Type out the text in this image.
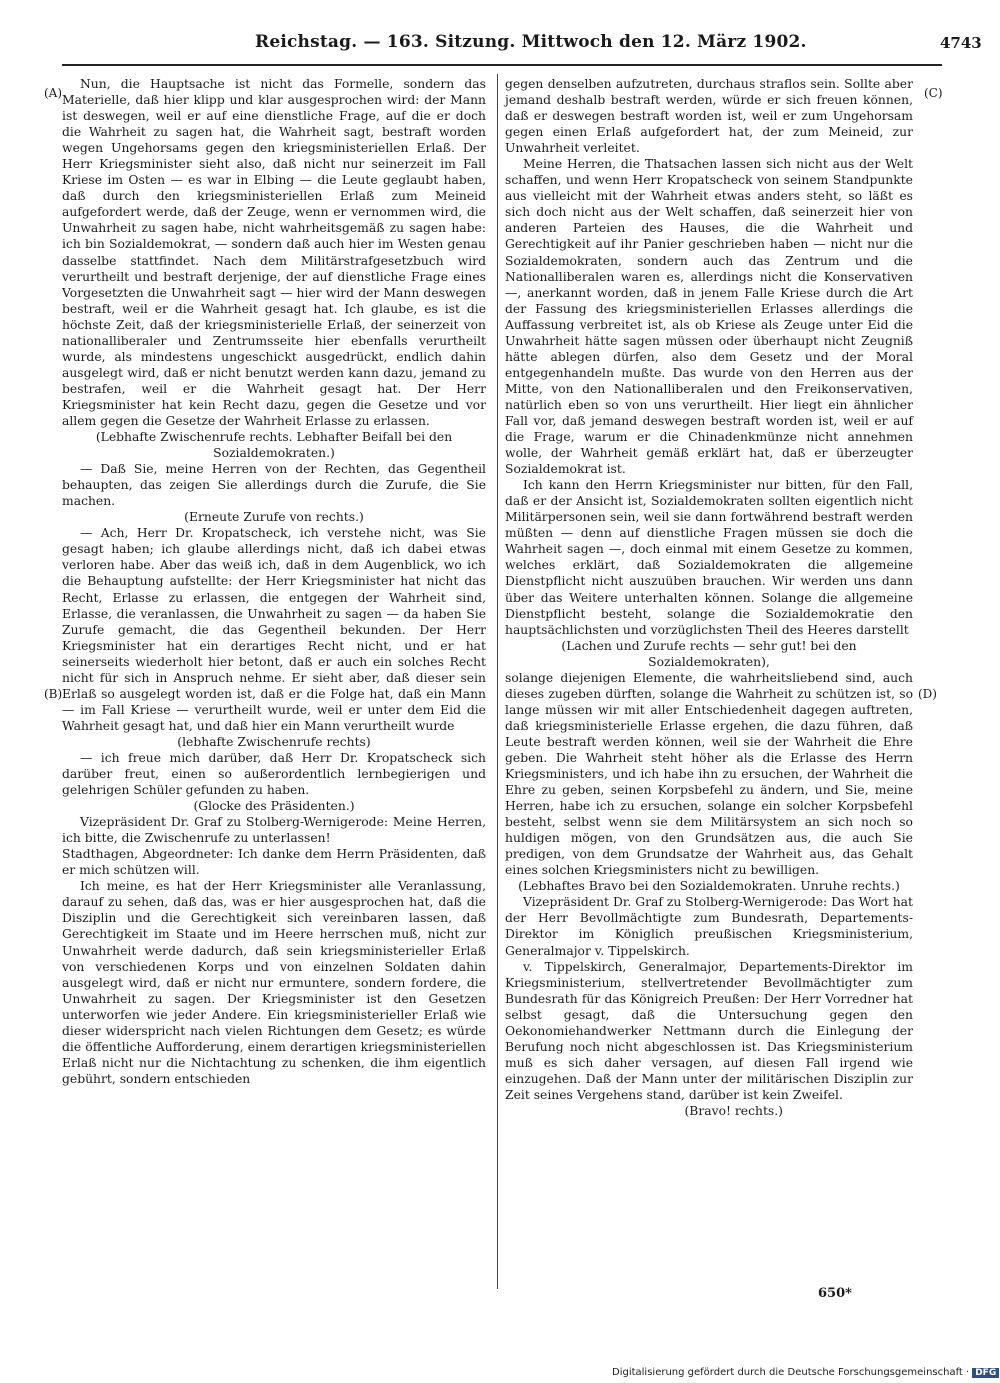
Reichstag. — 163. Sitzung. Mittwoch den 12. März 1902.	4743
(A)
(B)
(C)
(D)

Nun, die Hauptsache ist nicht das Formelle, sondern das Materielle, daß hier klipp und klar ausgesprochen wird: der Mann ist deswegen, weil er auf eine dienstliche Frage, auf die er doch die Wahrheit zu sagen hat, die Wahrheit sagt, bestraft worden wegen Ungehorsams gegen den kriegsministeriellen Erlaß. Der Herr Kriegsminister sieht also, daß nicht nur seinerzeit im Fall Kriese im Osten — es war in Elbing — die Leute geglaubt haben, daß durch den kriegsministeriellen Erlaß zum Meineid aufgefordert werde, daß der Zeuge, wenn er vernommen wird, die Unwahrheit zu sagen habe, nicht wahrheitsgemäß zu sagen habe: ich bin Sozialdemokrat, — sondern daß auch hier im Westen genau dasselbe stattfindet. Nach dem Militärstrafgesetzbuch wird verurtheilt und bestraft derjenige, der auf dienstliche Frage eines Vorgesetzten die Unwahrheit sagt — hier wird der Mann deswegen bestraft, weil er die Wahrheit gesagt hat. Ich glaube, es ist die höchste Zeit, daß der kriegsministerielle Erlaß, der seinerzeit von nationalliberaler und Zentrumsseite hier ebenfalls verurtheilt wurde, als mindestens ungeschickt ausgedrückt, endlich dahin ausgelegt wird, daß er nicht benutzt werden kann dazu, jemand zu bestrafen, weil er die Wahrheit gesagt hat. Der Herr Kriegsminister hat kein Recht dazu, gegen die Gesetze und vor allem gegen die Gesetze der Wahrheit Erlasse zu erlassen.

(Lebhafte Zwischenrufe rechts. Lebhafter Beifall bei den Sozialdemokraten.)

— Daß Sie, meine Herren von der Rechten, das Gegentheil behaupten, das zeigen Sie allerdings durch die Zurufe, die Sie machen.

(Erneute Zurufe von rechts.)

— Ach, Herr Dr. Kropatscheck, ich verstehe nicht, was Sie gesagt haben; ich glaube allerdings nicht, daß ich dabei etwas verloren habe. Aber das weiß ich, daß in dem Augenblick, wo ich die Behauptung aufstellte: der Herr Kriegsminister hat nicht das Recht, Erlasse zu erlassen, die entgegen der Wahrheit sind, Erlasse, die veranlassen, die Unwahrheit zu sagen — da haben Sie Zurufe gemacht, die das Gegentheil bekunden. Der Herr Kriegsminister hat ein derartiges Recht nicht, und er hat seinerseits wiederholt hier betont, daß er auch ein solches Recht nicht für sich in Anspruch nehme. Er sieht aber, daß dieser sein Erlaß so ausgelegt worden ist, daß er die Folge hat, daß ein Mann — im Fall Kriese — verurtheilt wurde, weil er unter dem Eid die Wahrheit gesagt hat, und daß hier ein Mann verurtheilt wurde

(lebhafte Zwischenrufe rechts)

— ich freue mich darüber, daß Herr Dr. Kropatscheck sich darüber freut, einen so außerordentlich lernbegierigen und gelehrigen Schüler gefunden zu haben.

(Glocke des Präsidenten.)

Vizepräsident Dr. Graf zu Stolberg-Wernigerode: Meine Herren, ich bitte, die Zwischenrufe zu unterlassen!

Stadthagen, Abgeordneter: Ich danke dem Herrn Präsidenten, daß er mich schützen will.

Ich meine, es hat der Herr Kriegsminister alle Veranlassung, darauf zu sehen, daß das, was er hier ausgesprochen hat, daß die Disziplin und die Gerechtigkeit sich vereinbaren lassen, daß Gerechtigkeit im Staate und im Heere herrschen muß, nicht zur Unwahrheit werde dadurch, daß sein kriegsministerieller Erlaß von verschiedenen Korps und von einzelnen Soldaten dahin ausgelegt wird, daß er nicht nur ermuntere, sondern fordere, die Unwahrheit zu sagen. Der Kriegsminister ist den Gesetzen unterworfen wie jeder Andere. Ein kriegsministerieller Erlaß wie dieser widerspricht nach vielen Richtungen dem Gesetz; es würde die öffentliche Aufforderung, einem derartigen kriegsministeriellen Erlaß nicht nur die Nichtachtung zu schenken, die ihm eigentlich gebührt, sondern entschieden

gegen denselben aufzutreten, durchaus straflos sein. Sollte aber jemand deshalb bestraft werden, würde er sich freuen können, daß er deswegen bestraft worden ist, weil er zum Ungehorsam gegen einen Erlaß aufgefordert hat, der zum Meineid, zur Unwahrheit verleitet.

Meine Herren, die Thatsachen lassen sich nicht aus der Welt schaffen, und wenn Herr Kropatscheck von seinem Standpunkte aus vielleicht mit der Wahrheit etwas anders steht, so läßt es sich doch nicht aus der Welt schaffen, daß seinerzeit hier von anderen Parteien des Hauses, die die Wahrheit und Gerechtigkeit auf ihr Panier geschrieben haben — nicht nur die Sozialdemokraten, sondern auch das Zentrum und die Nationalliberalen waren es, allerdings nicht die Konservativen —, anerkannt worden, daß in jenem Falle Kriese durch die Art der Fassung des kriegsministeriellen Erlasses allerdings die Auffassung verbreitet ist, als ob Kriese als Zeuge unter Eid die Unwahrheit hätte sagen müssen oder überhaupt nicht Zeugniß hätte ablegen dürfen, also dem Gesetz und der Moral entgegenhandeln mußte. Das wurde von den Herren aus der Mitte, von den Nationalliberalen und den Freikonservativen, natürlich eben so von uns verurtheilt. Hier liegt ein ähnlicher Fall vor, daß jemand deswegen bestraft worden ist, weil er auf die Frage, warum er die Chinadenkmünze nicht annehmen wolle, der Wahrheit gemäß erklärt hat, daß er überzeugter Sozialdemokrat ist.

Ich kann den Herrn Kriegsminister nur bitten, für den Fall, daß er der Ansicht ist, Sozialdemokraten sollten eigentlich nicht Militärpersonen sein, weil sie dann fortwährend bestraft werden müßten — denn auf dienstliche Fragen müssen sie doch die Wahrheit sagen —, doch einmal mit einem Gesetze zu kommen, welches erklärt, daß Sozialdemokraten die allgemeine Dienstpflicht nicht auszuüben brauchen. Wir werden uns dann über das Weitere unterhalten können. Solange die allgemeine Dienstpflicht besteht, solange die Sozialdemokratie den hauptsächlichsten und vorzüglichsten Theil des Heeres darstellt

(Lachen und Zurufe rechts — sehr gut! bei den Sozialdemokraten),

solange diejenigen Elemente, die wahrheitsliebend sind, auch dieses zugeben dürften, solange die Wahrheit zu schützen ist, so lange müssen wir mit aller Entschiedenheit dagegen auftreten, daß kriegsministerielle Erlasse ergehen, die dazu führen, daß Leute bestraft werden können, weil sie der Wahrheit die Ehre geben. Die Wahrheit steht höher als die Erlasse des Herrn Kriegsministers, und ich habe ihn zu ersuchen, der Wahrheit die Ehre zu geben, seinen Korpsbefehl zu ändern, und Sie, meine Herren, habe ich zu ersuchen, solange ein solcher Korpsbefehl besteht, selbst wenn sie dem Militärsystem an sich noch so huldigen mögen, von den Grundsätzen aus, die auch Sie predigen, von dem Grundsatze der Wahrheit aus, das Gehalt eines solchen Kriegsministers nicht zu bewilligen.

(Lebhaftes Bravo bei den Sozialdemokraten. Unruhe rechts.)

Vizepräsident Dr. Graf zu Stolberg-Wernigerode: Das Wort hat der Herr Bevollmächtigte zum Bundesrath, Departements-Direktor im Königlich preußischen Kriegsministerium, Generalmajor v. Tippelskirch.

v. Tippelskirch, Generalmajor, Departements-Direktor im Kriegsministerium, stellvertretender Bevollmächtigter zum Bundesrath für das Königreich Preußen: Der Herr Vorredner hat selbst gesagt, daß die Untersuchung gegen den Oekonomiehandwerker Nettmann durch die Einlegung der Berufung noch nicht abgeschlossen ist. Das Kriegsministerium muß es sich daher versagen, auf diesen Fall irgend wie einzugehen. Daß der Mann unter der militärischen Disziplin zur Zeit seines Vergehens stand, darüber ist kein Zweifel.

(Bravo! rechts.)

650*
Digitalisierung gefördert durch die Deutsche Forschungsgemeinschaft · DFG
